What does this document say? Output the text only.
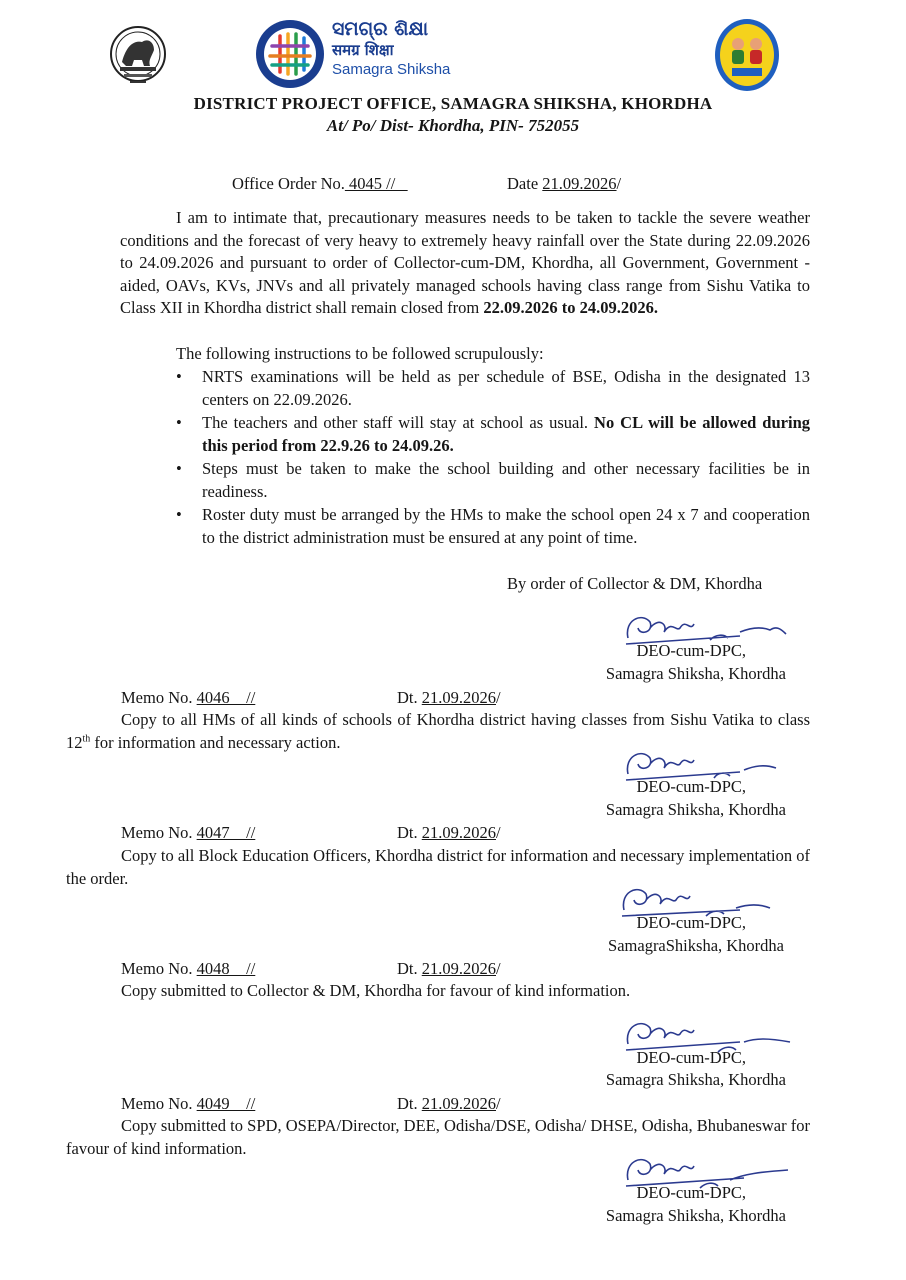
ସମଗ୍ର ଶିକ୍ଷା
समग्र शिक्षा
Samagra Shiksha
DISTRICT PROJECT OFFICE, SAMAGRA SHIKSHA, KHORDHA
At/ Po/ Dist- Khordha, PIN- 752055
Office Order No. 4045 //	Date 21.09.2026/
I am to intimate that, precautionary measures needs to be taken to tackle the severe weather conditions and the forecast of very heavy to extremely heavy rainfall over the State during 22.09.2026 to 24.09.2026 and pursuant to order of Collector-cum-DM, Khordha, all Government, Government -aided, OAVs, KVs, JNVs and all privately managed schools having class range from Sishu Vatika to Class XII in Khordha district shall remain closed from 22.09.2026 to 24.09.2026.
The following instructions to be followed scrupulously:
• NRTS examinations will be held as per schedule of BSE, Odisha in the designated 13 centers on 22.09.2026.
• The teachers and other staff will stay at school as usual. No CL will be allowed during this period from 22.9.26 to 24.09.26.
• Steps must be taken to make the school building and other necessary facilities be in readiness.
• Roster duty must be arranged by the HMs to make the school open 24 x 7 and cooperation to the district administration must be ensured at any point of time.
By order of Collector & DM, Khordha
DEO-cum-DPC,
Samagra Shiksha, Khordha
Memo No. 4046    //	Dt. 21.09.2026/
Copy to all HMs of all kinds of schools of Khordha district having classes from Sishu Vatika to class 12th for information and necessary action.
DEO-cum-DPC,
Samagra Shiksha, Khordha
Memo No. 4047    //	Dt. 21.09.2026/
Copy to all Block Education Officers, Khordha district for information and necessary implementation of the order.
DEO-cum-DPC,
SamagraShiksha, Khordha
Memo No. 4048    //	Dt. 21.09.2026/
Copy submitted to Collector & DM, Khordha for favour of kind information.
DEO-cum-DPC,
Samagra Shiksha, Khordha
Memo No. 4049    //	Dt. 21.09.2026/
Copy submitted to SPD, OSEPA/Director, DEE, Odisha/DSE, Odisha/ DHSE, Odisha, Bhubaneswar for favour of kind information.
DEO-cum-DPC,
Samagra Shiksha, Khordha
